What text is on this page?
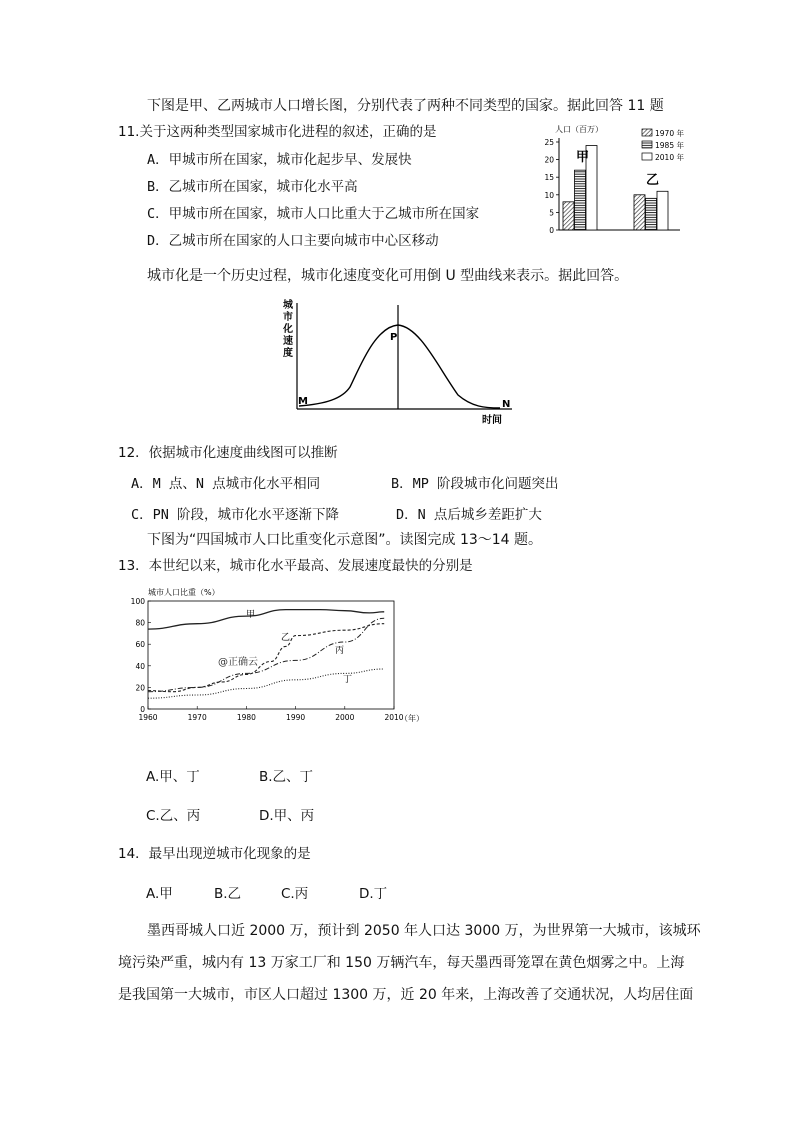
下图是甲、乙两城市人口增长图，分别代表了两种不同类型的国家。据此回答 11 题
11.关于这两种类型国家城市化进程的叙述，正确的是
A．甲城市所在国家，城市化起步早、发展快
B．乙城市所在国家，城市化水平高
C．甲城市所在国家，城市人口比重大于乙城市所在国家
D．乙城市所在国家的人口主要向城市中心区移动
人口（百万）
25
20
15
10
5
0
甲
乙
1970 年
1985 年
2010 年
城市化是一个历史过程，城市化速度变化可用倒 U 型曲线来表示。据此回答。
城
市
化
速
度
M
P
N
时间
12．依据城市化速度曲线图可以推断
A．M 点、N 点城市化水平相同	B．MP 阶段城市化问题突出
C．PN 阶段，城市化水平逐渐下降	D．N 点后城乡差距扩大
下图为“四国城市人口比重变化示意图”。读图完成 13～14 题。
13．本世纪以来，城市化水平最高、发展速度最快的分别是
城市人口比重（%）
100
80
60
40
20
0
1960	1970	1980	1990	2000	2010
（年）
甲
乙
丙
丁
@正确云
A.甲、丁	B.乙、丁
C.乙、丙	D.甲、丙
14．最早出现逆城市化现象的是
A.甲	B.乙	C.丙	D.丁
墨西哥城人口近 2000 万，预计到 2050 年人口达 3000 万，为世界第一大城市，该城环
境污染严重，城内有 13 万家工厂和 150 万辆汽车，每天墨西哥笼罩在黄色烟雾之中。上海
是我国第一大城市，市区人口超过 1300 万，近 20 年来，上海改善了交通状况，人均居住面
